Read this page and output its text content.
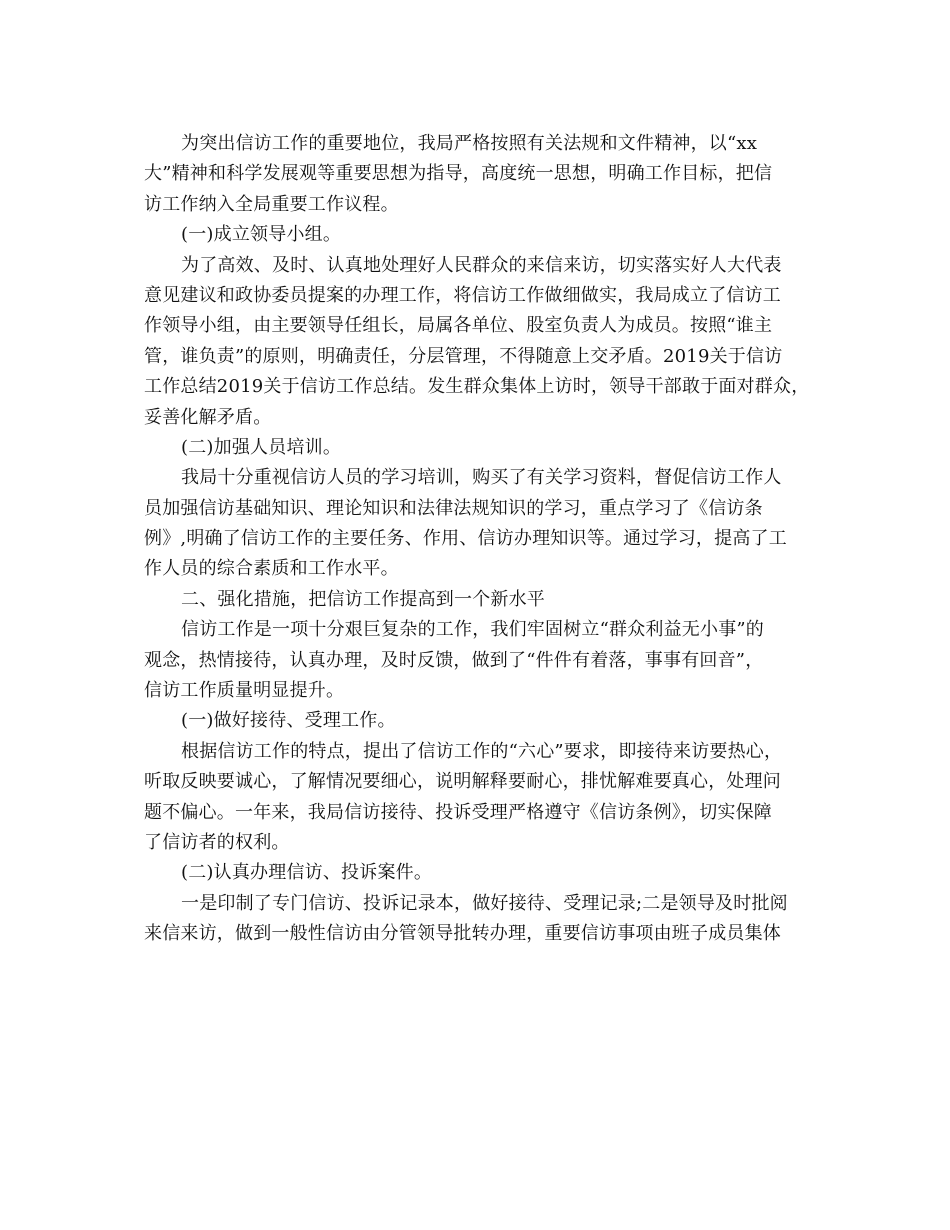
为突出信访工作的重要地位，我局严格按照有关法规和文件精神，以“xx
大”精神和科学发展观等重要思想为指导，高度统一思想，明确工作目标，把信
访工作纳入全局重要工作议程。
(一)成立领导小组。
为了高效、及时、认真地处理好人民群众的来信来访，切实落实好人大代表
意见建议和政协委员提案的办理工作，将信访工作做细做实，我局成立了信访工
作领导小组，由主要领导任组长，局属各单位、股室负责人为成员。按照“谁主
管，谁负责”的原则，明确责任，分层管理，不得随意上交矛盾。2019关于信访
工作总结2019关于信访工作总结。发生群众集体上访时，领导干部敢于面对群众，
妥善化解矛盾。
(二)加强人员培训。
我局十分重视信访人员的学习培训，购买了有关学习资料，督促信访工作人
员加强信访基础知识、理论知识和法律法规知识的学习，重点学习了《信访条
例》,明确了信访工作的主要任务、作用、信访办理知识等。通过学习，提高了工
作人员的综合素质和工作水平。
二、强化措施，把信访工作提高到一个新水平
信访工作是一项十分艰巨复杂的工作，我们牢固树立“群众利益无小事”的
观念，热情接待，认真办理，及时反馈，做到了“件件有着落，事事有回音”，
信访工作质量明显提升。
(一)做好接待、受理工作。
根据信访工作的特点，提出了信访工作的“六心”要求，即接待来访要热心，
听取反映要诚心，了解情况要细心，说明解释要耐心，排忧解难要真心，处理问
题不偏心。一年来，我局信访接待、投诉受理严格遵守《信访条例》，切实保障
了信访者的权利。
(二)认真办理信访、投诉案件。
一是印制了专门信访、投诉记录本，做好接待、受理记录;二是领导及时批阅
来信来访，做到一般性信访由分管领导批转办理，重要信访事项由班子成员集体
